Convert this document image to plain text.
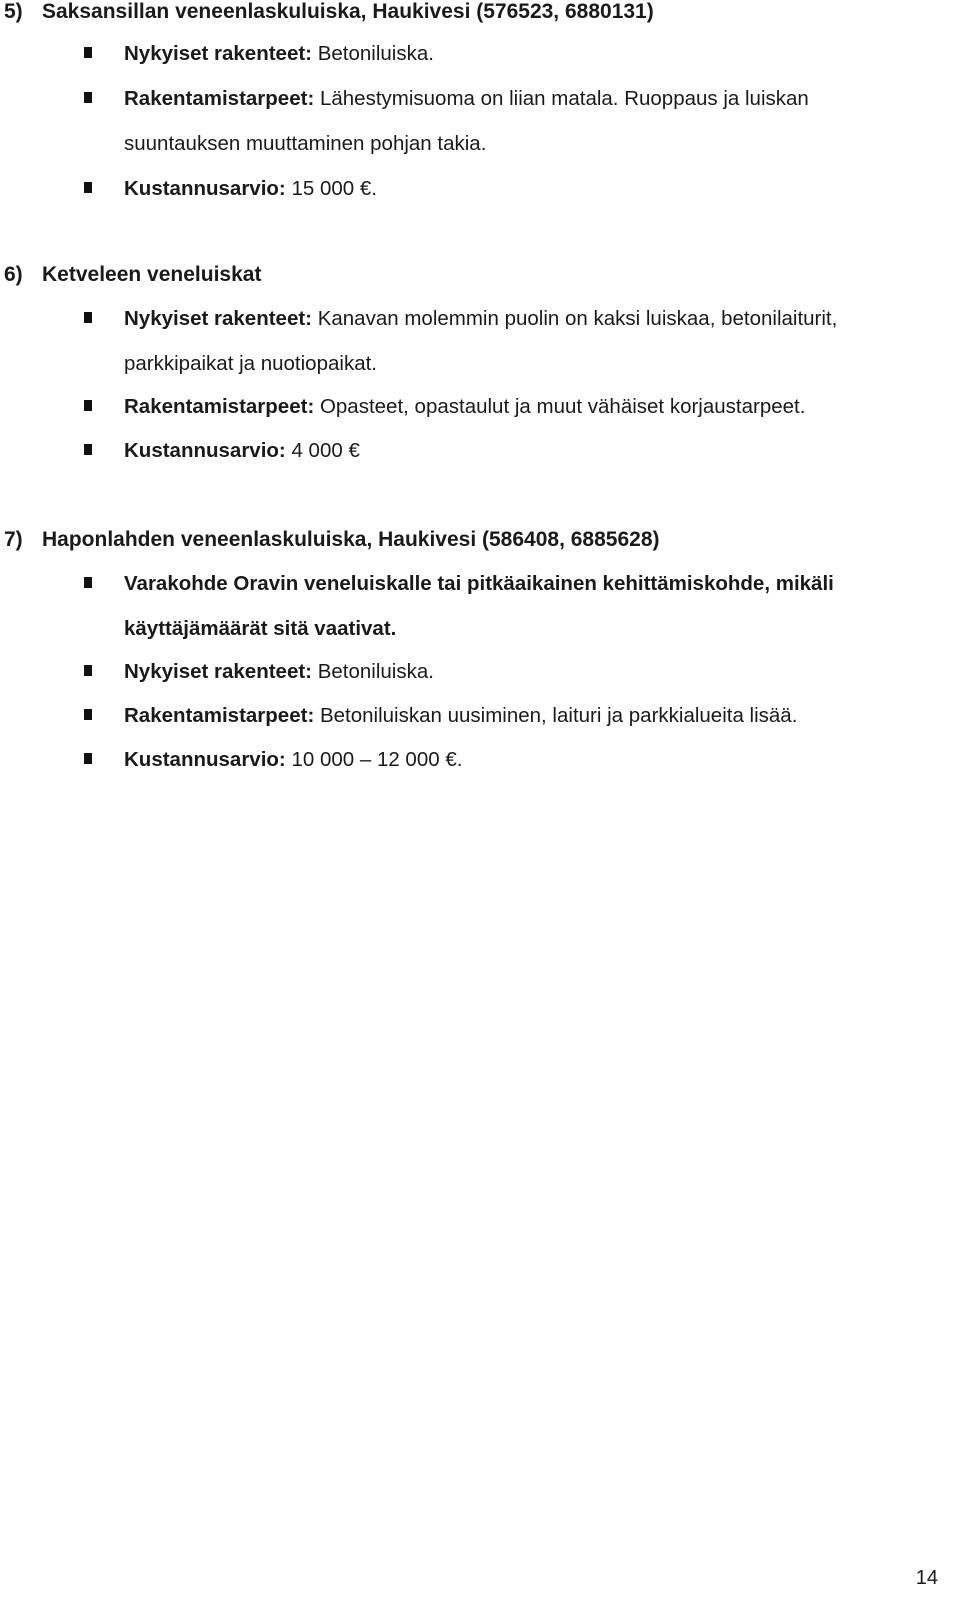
5) Saksansillan veneenlaskuluiska, Haukivesi (576523, 6880131)
Nykyiset rakenteet: Betoniluiska.
Rakentamistarpeet: Lähestymisuoma on liian matala. Ruoppaus ja luiskan
suuntauksen muuttaminen pohjan takia.
Kustannusarvio: 15 000 €.
6) Ketveleen veneluiskat
Nykyiset rakenteet: Kanavan molemmin puolin on kaksi luiskaa, betonilaiturit,
parkkipaikat ja nuotiopaikat.
Rakentamistarpeet: Opasteet, opastaulut ja muut vähäiset korjaustarpeet.
Kustannusarvio: 4 000 €
7) Haponlahden veneenlaskuluiska, Haukivesi (586408, 6885628)
Varakohde Oravin veneluiskalle tai pitkäaikainen kehittämiskohde, mikäli
käyttäjämäärät sitä vaativat.
Nykyiset rakenteet: Betoniluiska.
Rakentamistarpeet: Betoniluiskan uusiminen, laituri ja parkkialueita lisää.
Kustannusarvio: 10 000 – 12 000 €.
14
